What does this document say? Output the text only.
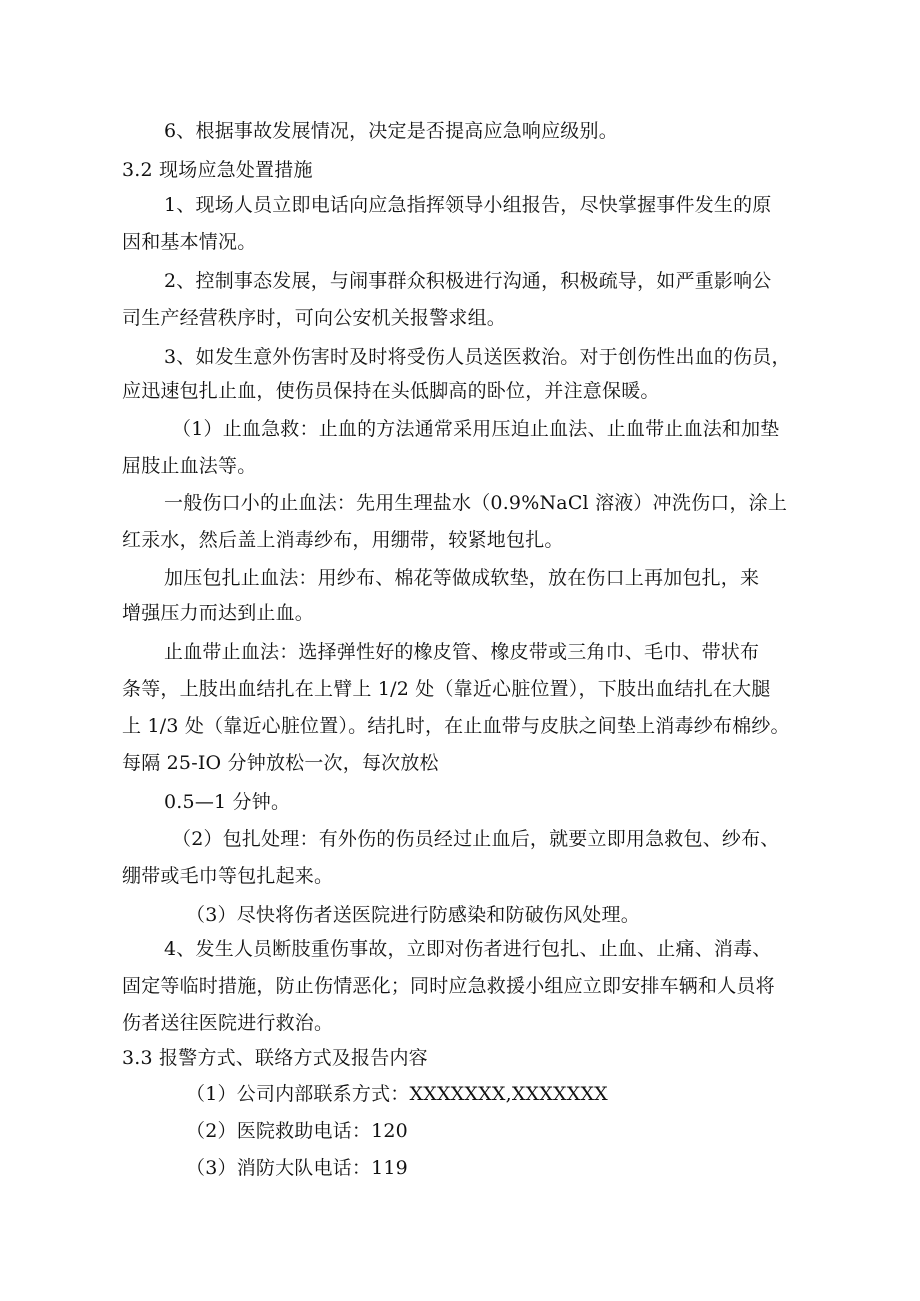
6、根据事故发展情况，决定是否提高应急响应级别。
3.2 现场应急处置措施
1、现场人员立即电话向应急指挥领导小组报告，尽快掌握事件发生的原
因和基本情况。
2、控制事态发展，与闹事群众积极进行沟通，积极疏导，如严重影响公
司生产经营秩序时，可向公安机关报警求组。
3、如发生意外伤害时及时将受伤人员送医救治。对于创伤性出血的伤员，
应迅速包扎止血，使伤员保持在头低脚高的卧位，并注意保暖。
（1）止血急救：止血的方法通常采用压迫止血法、止血带止血法和加垫
屈肢止血法等。
一般伤口小的止血法：先用生理盐水（0.9%NaCl 溶液）冲洗伤口，涂上
红汞水，然后盖上消毒纱布，用绷带，较紧地包扎。
加压包扎止血法：用纱布、棉花等做成软垫，放在伤口上再加包扎，来
增强压力而达到止血。
止血带止血法：选择弹性好的橡皮管、橡皮带或三角巾、毛巾、带状布
条等，上肢出血结扎在上臂上 1/2 处（靠近心脏位置），下肢出血结扎在大腿
上 1/3 处（靠近心脏位置）。结扎时，在止血带与皮肤之间垫上消毒纱布棉纱。
每隔 25-IO 分钟放松一次，每次放松
0.5—1 分钟。
（2）包扎处理：有外伤的伤员经过止血后，就要立即用急救包、纱布、
绷带或毛巾等包扎起来。
（3）尽快将伤者送医院进行防感染和防破伤风处理。
4、发生人员断肢重伤事故，立即对伤者进行包扎、止血、止痛、消毒、
固定等临时措施，防止伤情恶化；同时应急救援小组应立即安排车辆和人员将
伤者送往医院进行救治。
3.3 报警方式、联络方式及报告内容
（1）公司内部联系方式：XXXXXXX,XXXXXXX
（2）医院救助电话：120
（3）消防大队电话：119
